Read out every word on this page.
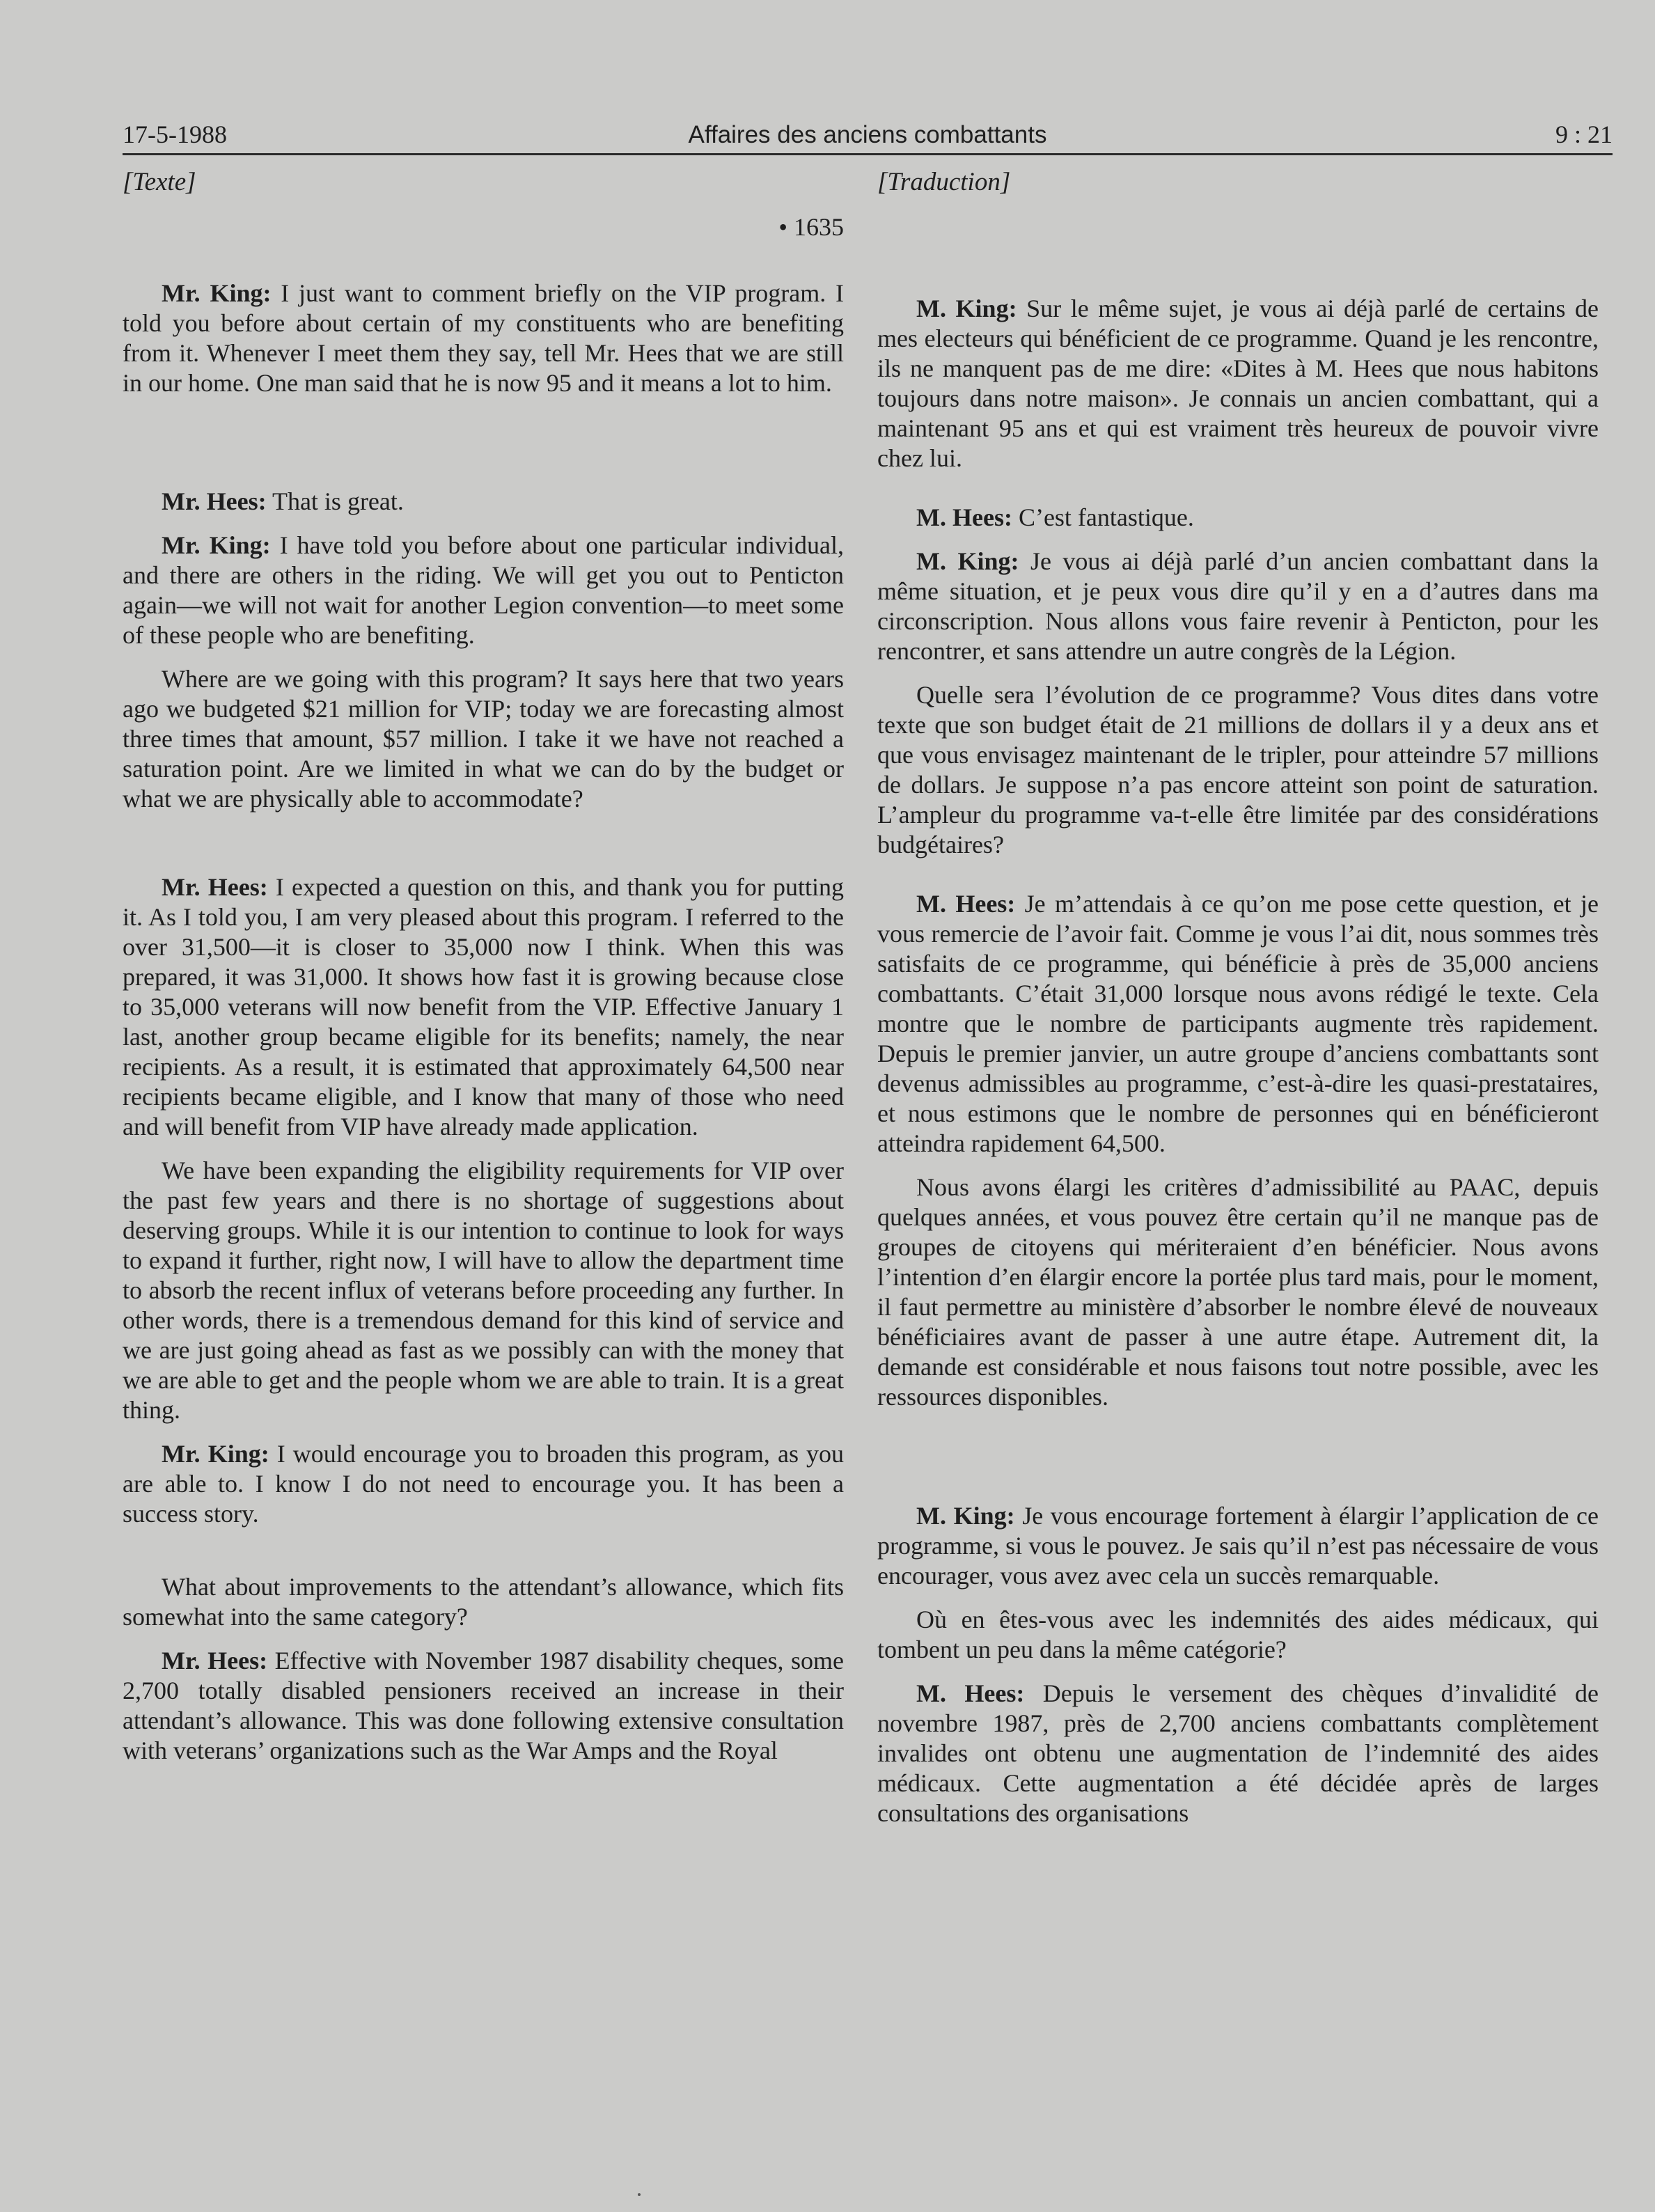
17-5-1988	Affaires des anciens combattants	9 : 21

[Texte]

• 1635

Mr. King: I just want to comment briefly on the VIP program. I told you before about certain of my constituents who are benefiting from it. Whenever I meet them they say, tell Mr. Hees that we are still in our home. One man said that he is now 95 and it means a lot to him.

Mr. Hees: That is great.

Mr. King: I have told you before about one particular individual, and there are others in the riding. We will get you out to Penticton again—we will not wait for another Legion convention—to meet some of these people who are benefiting.

Where are we going with this program? It says here that two years ago we budgeted $21 million for VIP; today we are forecasting almost three times that amount, $57 million. I take it we have not reached a saturation point. Are we limited in what we can do by the budget or what we are physically able to accommodate?

Mr. Hees: I expected a question on this, and thank you for putting it. As I told you, I am very pleased about this program. I referred to the over 31,500—it is closer to 35,000 now I think. When this was prepared, it was 31,000. It shows how fast it is growing because close to 35,000 veterans will now benefit from the VIP. Effective January 1 last, another group became eligible for its benefits; namely, the near recipients. As a result, it is estimated that approximately 64,500 near recipients became eligible, and I know that many of those who need and will benefit from VIP have already made application.

We have been expanding the eligibility requirements for VIP over the past few years and there is no shortage of suggestions about deserving groups. While it is our intention to continue to look for ways to expand it further, right now, I will have to allow the department time to absorb the recent influx of veterans before proceeding any further. In other words, there is a tremendous demand for this kind of service and we are just going ahead as fast as we possibly can with the money that we are able to get and the people whom we are able to train. It is a great thing.

Mr. King: I would encourage you to broaden this program, as you are able to. I know I do not need to encourage you. It has been a success story.

What about improvements to the attendant’s allowance, which fits somewhat into the same category?

Mr. Hees: Effective with November 1987 disability cheques, some 2,700 totally disabled pensioners received an increase in their attendant’s allowance. This was done following extensive consultation with veterans’ organizations such as the War Amps and the Royal

[Traduction]

M. King: Sur le même sujet, je vous ai déjà parlé de certains de mes electeurs qui bénéficient de ce programme. Quand je les rencontre, ils ne manquent pas de me dire: «Dites à M. Hees que nous habitons toujours dans notre maison». Je connais un ancien combattant, qui a maintenant 95 ans et qui est vraiment très heureux de pouvoir vivre chez lui.

M. Hees: C’est fantastique.

M. King: Je vous ai déjà parlé d’un ancien combattant dans la même situation, et je peux vous dire qu’il y en a d’autres dans ma circonscription. Nous allons vous faire revenir à Penticton, pour les rencontrer, et sans attendre un autre congrès de la Légion.

Quelle sera l’évolution de ce programme? Vous dites dans votre texte que son budget était de 21 millions de dollars il y a deux ans et que vous envisagez maintenant de le tripler, pour atteindre 57 millions de dollars. Je suppose n’a pas encore atteint son point de saturation. L’ampleur du programme va-t-elle être limitée par des considérations budgétaires?

M. Hees: Je m’attendais à ce qu’on me pose cette question, et je vous remercie de l’avoir fait. Comme je vous l’ai dit, nous sommes très satisfaits de ce programme, qui bénéficie à près de 35,000 anciens combattants. C’était 31,000 lorsque nous avons rédigé le texte. Cela montre que le nombre de participants augmente très rapidement. Depuis le premier janvier, un autre groupe d’anciens combattants sont devenus admissibles au programme, c’est-à-dire les quasi-prestataires, et nous estimons que le nombre de personnes qui en bénéficieront atteindra rapidement 64,500.

Nous avons élargi les critères d’admissibilité au PAAC, depuis quelques années, et vous pouvez être certain qu’il ne manque pas de groupes de citoyens qui mériteraient d’en bénéficier. Nous avons l’intention d’en élargir encore la portée plus tard mais, pour le moment, il faut permettre au ministère d’absorber le nombre élevé de nouveaux bénéficiaires avant de passer à une autre étape. Autrement dit, la demande est considérable et nous faisons tout notre possible, avec les ressources disponibles.

M. King: Je vous encourage fortement à élargir l’application de ce programme, si vous le pouvez. Je sais qu’il n’est pas nécessaire de vous encourager, vous avez avec cela un succès remarquable.

Où en êtes-vous avec les indemnités des aides médicaux, qui tombent un peu dans la même catégorie?

M. Hees: Depuis le versement des chèques d’invalidité de novembre 1987, près de 2,700 anciens combattants complètement invalides ont obtenu une augmentation de l’indemnité des aides médicaux. Cette augmentation a été décidée après de larges consultations des organisations
